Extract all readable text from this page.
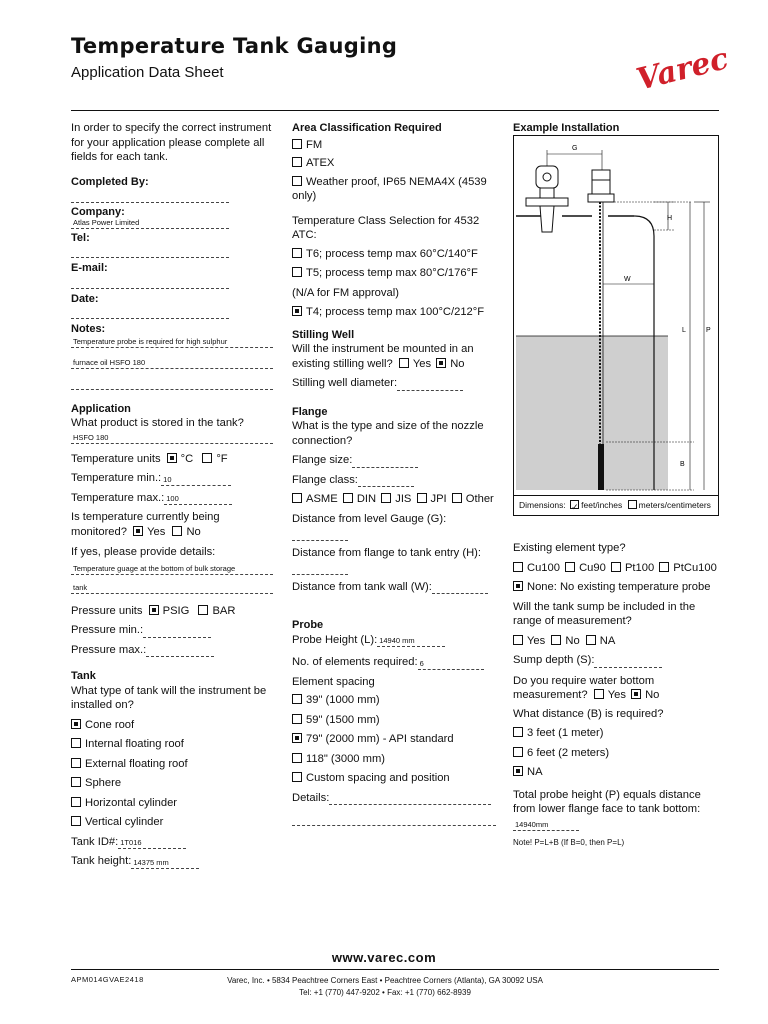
Temperature Tank Gauging
Application Data Sheet	Varec
In order to specify the correct instrument for your application please complete all fields for each tank.
Completed By:
Company:
Atlas Power Limited
Tel:
E-mail:
Date:
Notes:
Temperature probe is required for high sulphur
furnace oil HSFO 180
Application
What product is stored in the tank?
HSFO 180
Temperature units °C °F
Temperature min.: 10
Temperature max.: 100
Is temperature currently being monitored? Yes No
If yes, please provide details:
Temperature guage at the bottom of bulk storage
tank
Pressure units PSIG BAR
Pressure min.:
Pressure max.:
Tank
What type of tank will the instrument be installed on?
Cone roof
Internal floating roof
External floating roof
Sphere
Horizontal cylinder
Vertical cylinder
Tank ID#: 1T016
Tank height: 14375 mm
Area Classification Required
FM
ATEX
Weather proof, IP65 NEMA4X (4539 only)
Temperature Class Selection for 4532 ATC:
T6; process temp max 60°C/140°F
T5; process temp max 80°C/176°F
(N/A for FM approval)
T4; process temp max 100°C/212°F
Stilling Well
Will the instrument be mounted in an existing stilling well? Yes No
Stilling well diameter:
Flange
What is the type and size of the nozzle connection?
Flange size:
Flange class:
ASME DIN JIS JPI Other
Distance from level Gauge (G):
Distance from flange to tank entry (H):
Distance from tank wall (W):
Probe
Probe Height (L): 14940 mm
No. of elements required: 6
Element spacing
39" (1000 mm)
59" (1500 mm)
79" (2000 mm) - API standard
118" (3000 mm)
Custom spacing and position
Details:
Example Installation
G
H
W
L	P
B
Dimensions: ✓ feet/inches meters/centimeters
Existing element type?
Cu100 Cu90 Pt100 PtCu100
None: No existing temperature probe
Will the tank sump be included in the range of measurement?
Yes No NA
Sump depth (S):
Do you require water bottom measurement? Yes No
What distance (B) is required?
3 feet (1 meter)
6 feet (2 meters)
NA
Total probe height (P) equals distance from lower flange face to tank bottom: 14940mm
Note! P=L+B (If B=0, then P=L)
www.varec.com
APM014GVAE2418	Varec, Inc. • 5834 Peachtree Corners East • Peachtree Corners (Atlanta), GA 30092 USA
Tel: +1 (770) 447-9202 • Fax: +1 (770) 662-8939
